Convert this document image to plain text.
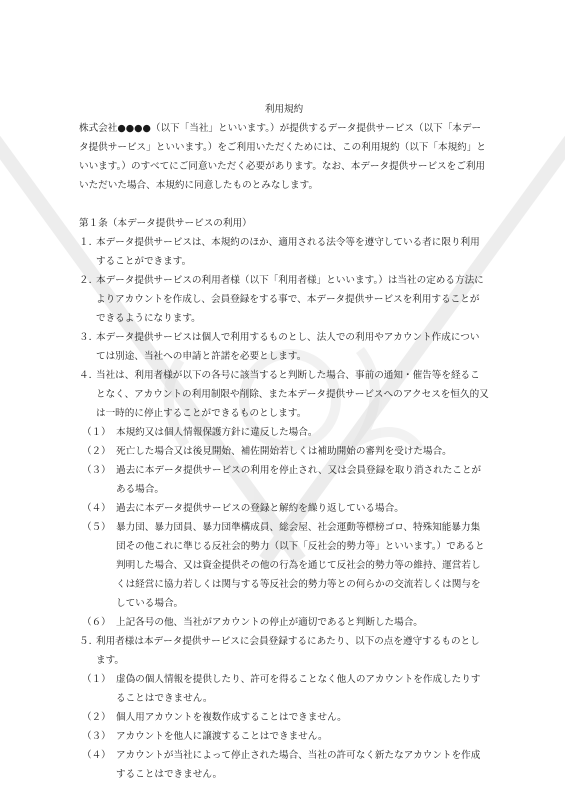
利用規約

株式会社●●●●（以下「当社」といいます。）が提供するデータ提供サービス（以下「本データ提供サービス」といいます。）をご利用いただくためには、この利用規約（以下「本規約」といいます。）のすべてにご同意いただく必要があります。なお、本データ提供サービスをご利用いただいた場合、本規約に同意したものとみなします。

第１条（本データ提供サービスの利用）

１．
本データ提供サービスは、本規約のほか、適用される法令等を遵守している者に限り利用することができます。
２．
本データ提供サービスの利用者様（以下「利用者様」といいます。）は当社の定める方法によりアカウントを作成し、会員登録をする事で、本データ提供サービスを利用することができるようになります。
３．
本データ提供サービスは個人で利用するものとし、法人での利用やアカウント作成については別途、当社への申請と許諾を必要とします。
４．
当社は、利用者様が以下の各号に該当すると判断した場合、事前の通知・催告等を経ることなく、アカウントの利用制限や削除、また本データ提供サービスへのアクセスを恒久的又は一時的に停止することができるものとします。
（１） 本規約又は個人情報保護方針に違反した場合。
（２） 死亡した場合又は後見開始、補佐開始若しくは補助開始の審判を受けた場合。
（３） 過去に本データ提供サービスの利用を停止され、又は会員登録を取り消されたことがある場合。
（４） 過去に本データ提供サービスの登録と解約を繰り返している場合。
（５） 暴力団、暴力団員、暴力団準構成員、総会屋、社会運動等標榜ゴロ、特殊知能暴力集団その他これに準じる反社会的勢力（以下「反社会的勢力等」といいます。）であると判明した場合、又は資金提供その他の行為を通じて反社会的勢力等の維持、運営若しくは経営に協力若しくは関与する等反社会的勢力等との何らかの交流若しくは関与をしている場合。
（６） 上記各号の他、当社がアカウントの停止が適切であると判断した場合。
５．
利用者様は本データ提供サービスに会員登録するにあたり、以下の点を遵守するものとします。
（１） 虚偽の個人情報を提供したり、許可を得ることなく他人のアカウントを作成したりすることはできません。
（２） 個人用アカウントを複数作成することはできません。
（３） アカウントを他人に譲渡することはできません。
（４） アカウントが当社によって停止された場合、当社の許可なく新たなアカウントを作成することはできません。
